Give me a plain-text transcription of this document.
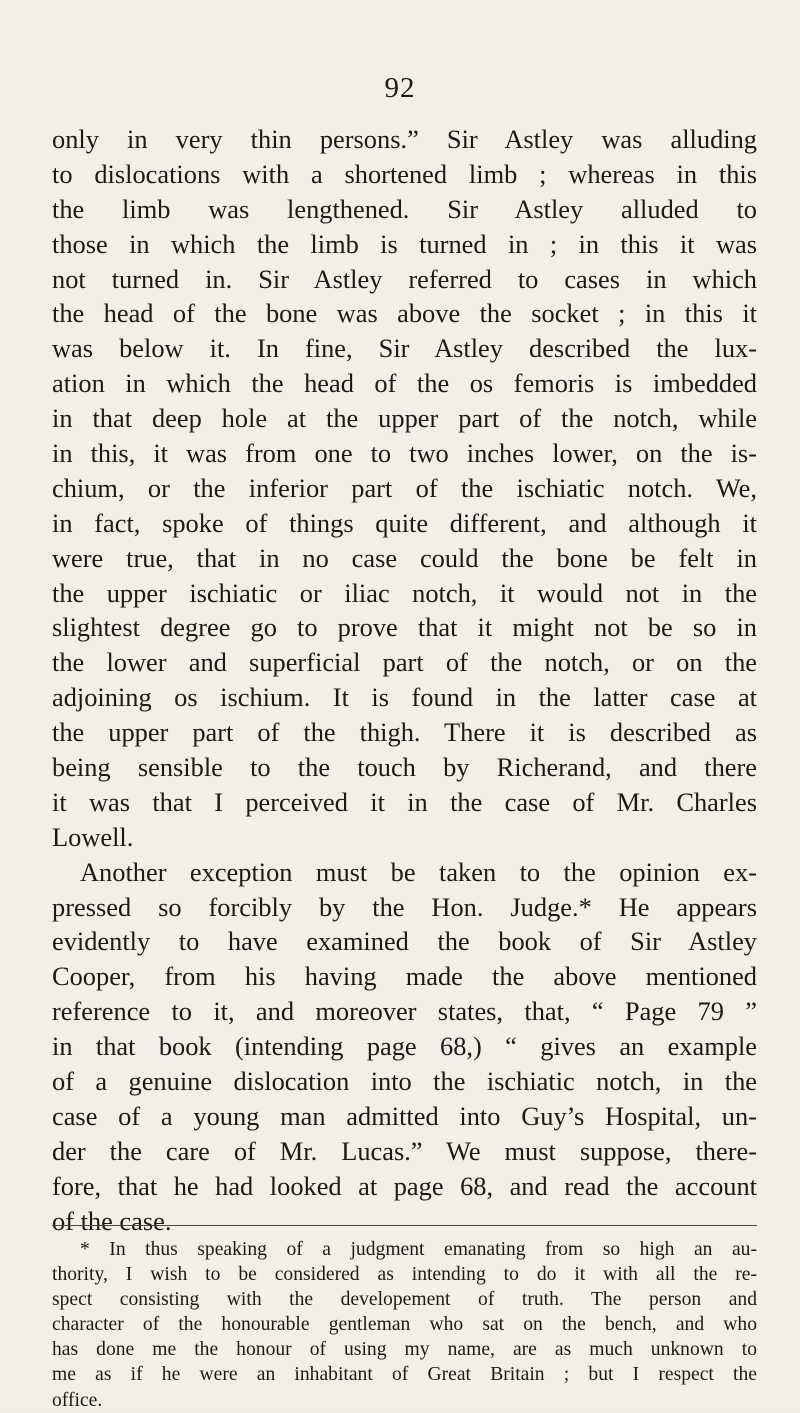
92
only in very thin persons.” Sir Astley was alluding
to dislocations with a shortened limb ; whereas in this
the limb was lengthened. Sir Astley alluded to
those in which the limb is turned in ; in this it was
not turned in. Sir Astley referred to cases in which
the head of the bone was above the socket ; in this it
was below it. In fine, Sir Astley described the lux-
ation in which the head of the os femoris is imbedded
in that deep hole at the upper part of the notch, while
in this, it was from one to two inches lower, on the is-
chium, or the inferior part of the ischiatic notch. We,
in fact, spoke of things quite different, and although it
were true, that in no case could the bone be felt in
the upper ischiatic or iliac notch, it would not in the
slightest degree go to prove that it might not be so in
the lower and superficial part of the notch, or on the
adjoining os ischium. It is found in the latter case at
the upper part of the thigh. There it is described as
being sensible to the touch by Richerand, and there
it was that I perceived it in the case of Mr. Charles
Lowell.
Another exception must be taken to the opinion ex-
pressed so forcibly by the Hon. Judge.* He appears
evidently to have examined the book of Sir Astley
Cooper, from his having made the above mentioned
reference to it, and moreover states, that, “ Page 79 ”
in that book (intending page 68,) “ gives an example
of a genuine dislocation into the ischiatic notch, in the
case of a young man admitted into Guy’s Hospital, un-
der the care of Mr. Lucas.” We must suppose, there-
fore, that he had looked at page 68, and read the account
of the case.
* In thus speaking of a judgment emanating from so high an au-
thority, I wish to be considered as intending to do it with all the re-
spect consisting with the developement of truth. The person and
character of the honourable gentleman who sat on the bench, and who
has done me the honour of using my name, are as much unknown to
me as if he were an inhabitant of Great Britain ; but I respect the
office.
